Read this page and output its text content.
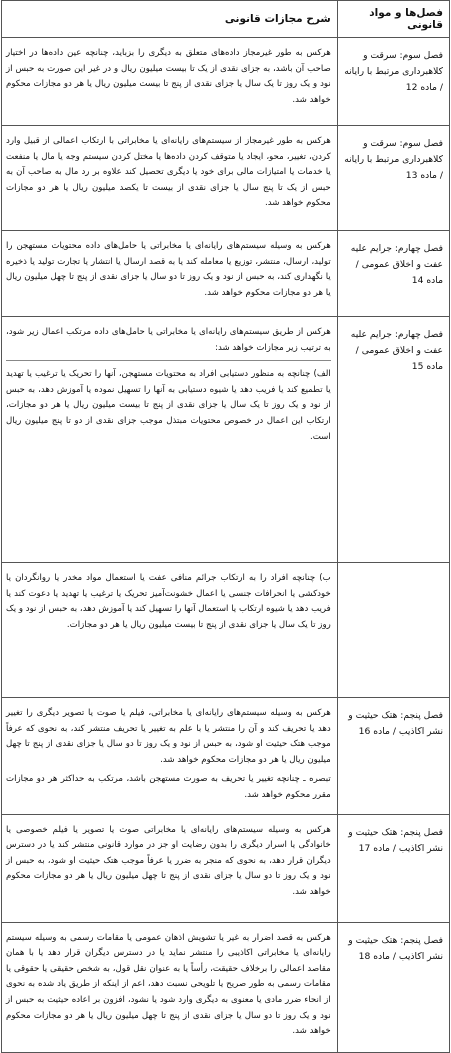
فصل‌ها و مواد قانونی	شرح مجازات قانونی
فصل سوم: سرقت و کلاهبرداری مرتبط با رایانه / ماده 12	هرکس به طور غیرمجاز داده‌های متعلق به دیگری را بزباید، چنانچه عین داده‌ها در اختیار صاحب آن باشد، به جزای نقدی از یک تا بیست میلیون ریال و در غیر این صورت به حبس از نود و یک روز تا یک سال یا جزای نقدی از پنج تا بیست میلیون ریال یا هر دو مجازات محکوم خواهد شد.

فصل سوم: سرقت و کلاهبرداری مرتبط با رایانه / ماده 13	هرکس به طور غیرمجاز از سیستم‌های رایانه‌ای یا مخابراتی با ارتکاب اعمالی از قبیل وارد کردن، تغییر، محو، ایجاد یا متوقف کردن داده‌ها یا مختل کردن سیستم وجه یا مال یا منفعت یا خدمات یا امتیازات مالی برای خود یا دیگری تحصیل کند علاوه بر رد مال به صاحب آن به حبس از یک تا پنج سال یا جزای نقدی از بیست تا یکصد میلیون ریال یا هر دو مجازات محکوم خواهد شد.

فصل چهارم: جرایم علیه عفت و اخلاق عمومی / ماده 14	هرکس به وسیله سیستم‌های رایانه‌ای یا مخابراتی یا حامل‌های داده محتویات مستهجن را تولید، ارسال، منتشر، توزیع یا معامله کند یا به قصد ارسال یا انتشار یا تجارت تولید یا ذخیره یا نگهداری کند، به حبس از نود و یک روز تا دو سال یا جزای نقدی از پنج تا چهل میلیون ریال یا هر دو مجازات محکوم خواهد شد.

فصل چهارم: جرایم علیه عفت و اخلاق عمومی / ماده 15	هرکس از طریق سیستم‌های رایانه‌ای یا مخابراتی یا حامل‌های داده مرتکب اعمال زیر شود، به ترتیب زیر مجازات خواهد شد:

الف) چنانچه به منظور دستیابی افراد به محتویات مستهجن، آنها را تحریک یا ترغیب یا تهدید یا تطمیع کند یا فریب دهد یا شیوه دستیابی به آنها را تسهیل نموده یا آموزش دهد، به حبس از نود و یک روز تا یک سال یا جزای نقدی از پنج تا بیست میلیون ریال یا هر دو مجازات، ارتکاب این اعمال در خصوص محتویات مبتذل موجب جزای نقدی از دو تا پنج میلیون ریال است.

	ب) چنانچه افراد را به ارتکاب جرائم منافی عفت یا استعمال مواد مخدر یا روانگردان یا خودکشی یا انحرافات جنسی یا اعمال خشونت‌آمیز تحریک یا ترغیب یا تهدید یا دعوت کند یا فریب دهد یا شیوه ارتکاب یا استعمال آنها را تسهیل کند یا آموزش دهد، به حبس از نود و یک روز تا یک سال یا جزای نقدی از پنج تا بیست میلیون ریال یا هر دو مجازات.

فصل پنجم: هتک حیثیت و نشر اکاذیب / ماده 16	هرکس به وسیله سیستم‌های رایانه‌ای یا مخابراتی، فیلم یا صوت یا تصویر دیگری را تغییر دهد یا تحریف کند و آن را منتشر یا با علم به تغییر یا تحریف منتشر کند، به نحوی که عرفاً موجب هتک حیثیت او شود، به حبس از نود و یک روز تا دو سال یا جزای نقدی از پنج تا چهل میلیون ریال یا هر دو مجازات محکوم خواهد شد.

تبصره ـ چنانچه تغییر یا تحریف به صورت مستهجن باشد، مرتکب به حداکثر هر دو مجازات مقرر محکوم خواهد شد.

فصل پنجم: هتک حیثیت و نشر اکاذیب / ماده 17	هرکس به وسیله سیستم‌های رایانه‌ای یا مخابراتی صوت یا تصویر یا فیلم خصوصی یا خانوادگی یا اسرار دیگری را بدون رضایت او جز در موارد قانونی منتشر کند یا در دسترس دیگران قرار دهد، به نحوی که منجر به ضرر یا عرفاً موجب هتک حیثیت او شود، به حبس از نود و یک روز تا دو سال یا جزای نقدی از پنج تا چهل میلیون ریال یا هر دو مجازات محکوم خواهد شد.

فصل پنجم: هتک حیثیت و نشر اکاذیب / ماده 18	هرکس به قصد اضرار به غیر یا تشویش اذهان عمومی یا مقامات رسمی به وسیله سیستم رایانه‌ای یا مخابراتی اکاذیبی را منتشر نماید یا در دسترس دیگران قرار دهد یا با همان مقاصد اعمالی را برخلاف حقیقت، رأساً یا به عنوان نقل قول، به شخص حقیقی یا حقوقی یا مقامات رسمی به طور صریح یا تلویحی نسبت دهد، اعم از اینکه از طریق یاد شده به نحوی از انحاء ضرر مادی یا معنوی به دیگری وارد شود یا نشود، افزون بر اعاده حیثیت به حبس از نود و یک روز تا دو سال یا جزای نقدی از پنج تا چهل میلیون ریال یا هر دو مجازات محکوم خواهد شد.
